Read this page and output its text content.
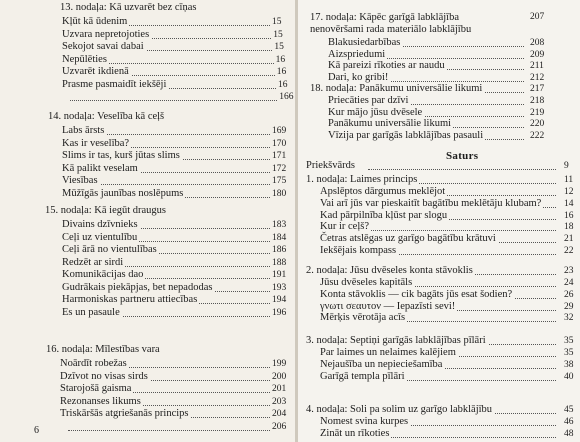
13. nodaļa: Kā uzvarēt bez cīņas
Kļūt kā ūdenim	15
Uzvara nepretojoties	15
Sekojot savai dabai	15
Nepūlēties	16
Uzvarēt ikdienā	16
Prasme pasmaidīt iekšēji	16
166
14. nodaļa: Veselība kā ceļš
Labs ārsts	169
Kas ir veselība?	170
Slims ir tas, kurš jūtas slims	171
Kā palikt veselam	172
Viesības	175
Mūžīgās jaunības noslēpums	180
15. nodaļa: Kā iegūt draugus
Divains dzīvnieks	183
Ceļi uz vientulību	184
Ceļi ārā no vientulības	186
Redzēt ar sirdi	188
Komunikācijas dao	191
Gudrākais piekāpjas, bet nepadodas	193
Harmoniskas partneru attiecības	194
Es un pasaule	196
16. nodaļa: Mīlestības vara
Noārdīt robežas	199
Dzīvot no visas sirds	200
Starojošā gaisma	201
Rezonanses likums	203
Triskāršās atgriešanās princips	204
206
6
17. nodaļa: Kāpēc garīgā labklājība nenovēršami rada materiālo labklājību
207
Blakusiedarbības	208
Aizspriedumi	209
Kā pareizi rīkoties ar naudu	211
Dari, ko gribi!	212
18. nodaļa: Panākumu universālie likumi	217
Priecāties par dzīvi	218
Kur mājo jūsu dvēsele	219
Panākumu universālie likumi	220
Vīzija par garīgās labklājības pasauli	222
Saturs
Priekšvārds	9
1. nodaļa: Laimes princips	11
Apslēptos dārgumus meklējot	12
Vai arī jūs var pieskaitīt bagātību meklētāju klubam? 14
Kad pārpilnība kļūst par slogu	16
Kur ir ceļš?	18
Četras atslēgas uz garīgo bagātību krātuvi	21
Iekšējais kompass	22
2. nodaļa: Jūsu dvēseles konta stāvoklis	23
Jūsu dvēseles kapitāls	24
Konta stāvoklis — cik bagāts jūs esat šodien?	26
γνωτι σεαυτον — Iepazīsti sevi!	29
Mērķis vērotāja acīs	32
3. nodaļa: Septiņi garīgās labklājības pīlāri	35
Par laimes un nelaimes kalējiem	35
Nejaušība un nepieciešamība	38
Garīgā templa pīlāri	40
4. nodaļa: Soli pa solim uz garīgo labklājību	45
Nomest svina kurpes	46
Zināt un rīkoties	48
